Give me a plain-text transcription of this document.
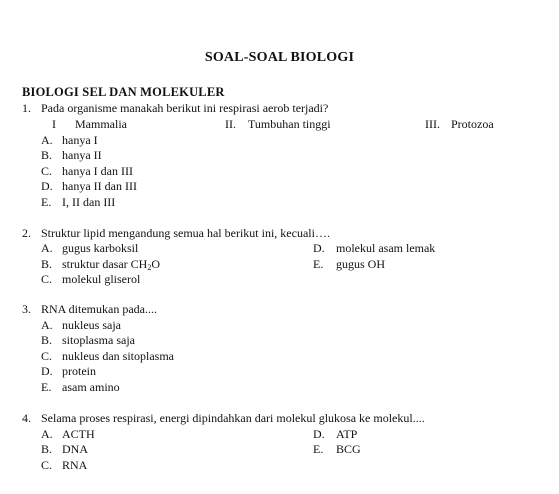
SOAL-SOAL BIOLOGI
BIOLOGI SEL DAN MOLEKULER
1. Pada organisme manakah berikut ini respirasi aerob terjadi?
I Mammalia	II. Tumbuhan tinggi	III. Protozoa
A. hanya I
B. hanya II
C. hanya I dan III
D. hanya II dan III
E. I, II dan III
2. Struktur lipid mengandung semua hal berikut ini, kecuali….
A. gugus karboksil
B. struktur dasar $CH_2O$
C. molekul gliserol
D. molekul asam lemak
E. gugus OH
3. RNA ditemukan pada....
A. nukleus saja
B. sitoplasma saja
C. nukleus dan sitoplasma
D. protein
E. asam amino
4. Selama proses respirasi, energi dipindahkan dari molekul glukosa ke molekul....
A. ACTH
B. DNA
C. RNA
D. ATP
E. BCG
